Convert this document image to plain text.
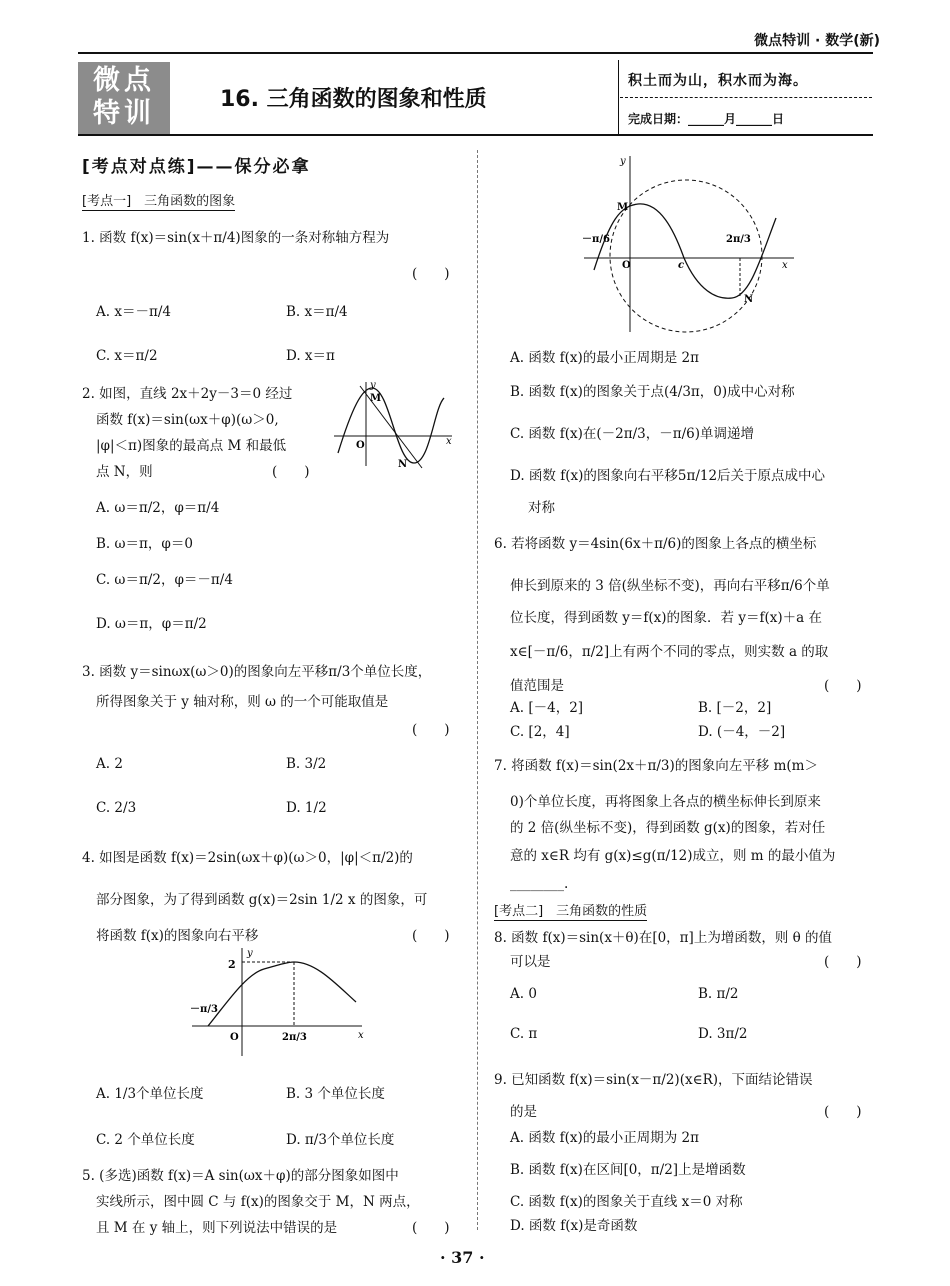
微点特训 · 数学(新)
微点
特训	16. 三角函数的图象和性质
积土而为山，积水而为海。
完成日期：______月______日
[考点对点练]——保分必拿
[考点一]　三角函数的图象
1. 函数 f(x)＝sin(x＋π/4)图象的一条对称轴方程为
(　　)
A. x＝－π/4	B. x＝π/4
C. x＝π/2	D. x＝π
2. 如图，直线 2x＋2y－3＝0 经过
函数 f(x)＝sin(ωx＋φ)(ω＞0,
|φ|＜π)图象的最高点 M 和最低
点 N，则	(　　)
M
N
O	x
y
A. ω＝π/2，φ＝π/4
B. ω＝π，φ＝0
C. ω＝π/2，φ＝－π/4
D. ω＝π，φ＝π/2
3. 函数 y＝sinωx(ω＞0)的图象向左平移π/3个单位长度，
所得图象关于 y 轴对称，则 ω 的一个可能取值是
(　　)
A. 2	B. 3/2
C. 2/3	D. 1/2
4. 如图是函数 f(x)＝2sin(ωx＋φ)(ω＞0，|φ|＜π/2)的
部分图象，为了得到函数 g(x)＝2sin 1/2 x 的图象，可
将函数 f(x)的图象向右平移	(　　)
2
－π/3
O	2π/3	x
y
A. 1/3个单位长度	B. 3 个单位长度
C. 2 个单位长度	D. π/3个单位长度
5. (多选)函数 f(x)＝A sin(ωx＋φ)的部分图象如图中
实线所示，图中圆 C 与 f(x)的图象交于 M，N 两点，
且 M 在 y 轴上，则下列说法中错误的是	(　　)
M
N
O	c
－π/6	2π/3
x
y
A. 函数 f(x)的最小正周期是 2π
B. 函数 f(x)的图象关于点(4/3π，0)成中心对称
C. 函数 f(x)在(－2π/3，－π/6)单调递增
D. 函数 f(x)的图象向右平移5π/12后关于原点成中心
对称
6. 若将函数 y＝4sin(6x＋π/6)的图象上各点的横坐标
伸长到原来的 3 倍(纵坐标不变)，再向右平移π/6个单
位长度，得到函数 y＝f(x)的图象．若 y＝f(x)＋a 在
x∈[－π/6，π/2]上有两个不同的零点，则实数 a 的取
值范围是	(　　)
A. [－4，2]	B. [－2，2]
C. [2，4]	D. (－4，－2]
7. 将函数 f(x)＝sin(2x＋π/3)的图象向左平移 m(m＞
0)个单位长度，再将图象上各点的横坐标伸长到原来
的 2 倍(纵坐标不变)，得到函数 g(x)的图象，若对任
意的 x∈R 均有 g(x)≤g(π/12)成立，则 m 的最小值为
________.
[考点二]　三角函数的性质
8. 函数 f(x)＝sin(x＋θ)在[0，π]上为增函数，则 θ 的值
可以是	(　　)
A. 0	B. π/2
C. π	D. 3π/2
9. 已知函数 f(x)＝sin(x－π/2)(x∈R)，下面结论错误
的是	(　　)
A. 函数 f(x)的最小正周期为 2π
B. 函数 f(x)在区间[0，π/2]上是增函数
C. 函数 f(x)的图象关于直线 x＝0 对称
D. 函数 f(x)是奇函数
· 37 ·
